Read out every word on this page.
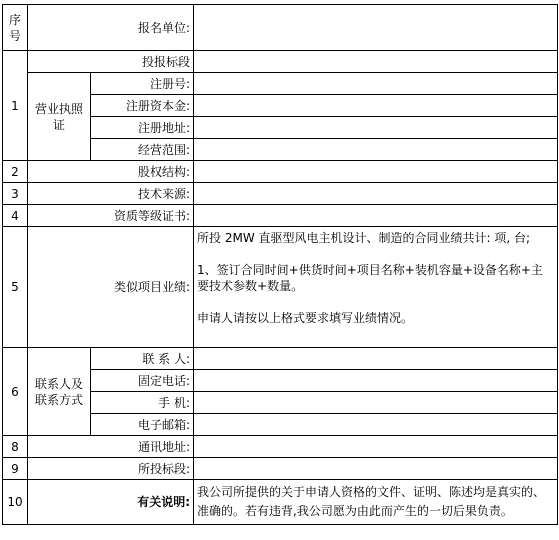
序号	报名单位:		
1	投报标段		
	营业执照证	注册号:	
		注册资本金:	
		注册地址:	
		经营范围:	
2	股权结构:		
3	技术来源:		
4	资质等级证书:		
5	类似项目业绩:		所投 2MW 直驱型风电主机设计、制造的合同业绩共计: 项, 台;
1、签订合同时间+供货时间+项目名称+装机容量+设备名称+主要技术参数+数量。
申请人请按以上格式要求填写业绩情况。

6	联系人及联系方式	联 系 人:	
		固定电话:	
		手 机:	
		电子邮箱:	
8	通讯地址:		
9	所投标段:		
10	有关说明:		我公司所提供的关于申请人资格的文件、证明、陈述均是真实的、准确的。若有违背,我公司愿为由此而产生的一切后果负责。
